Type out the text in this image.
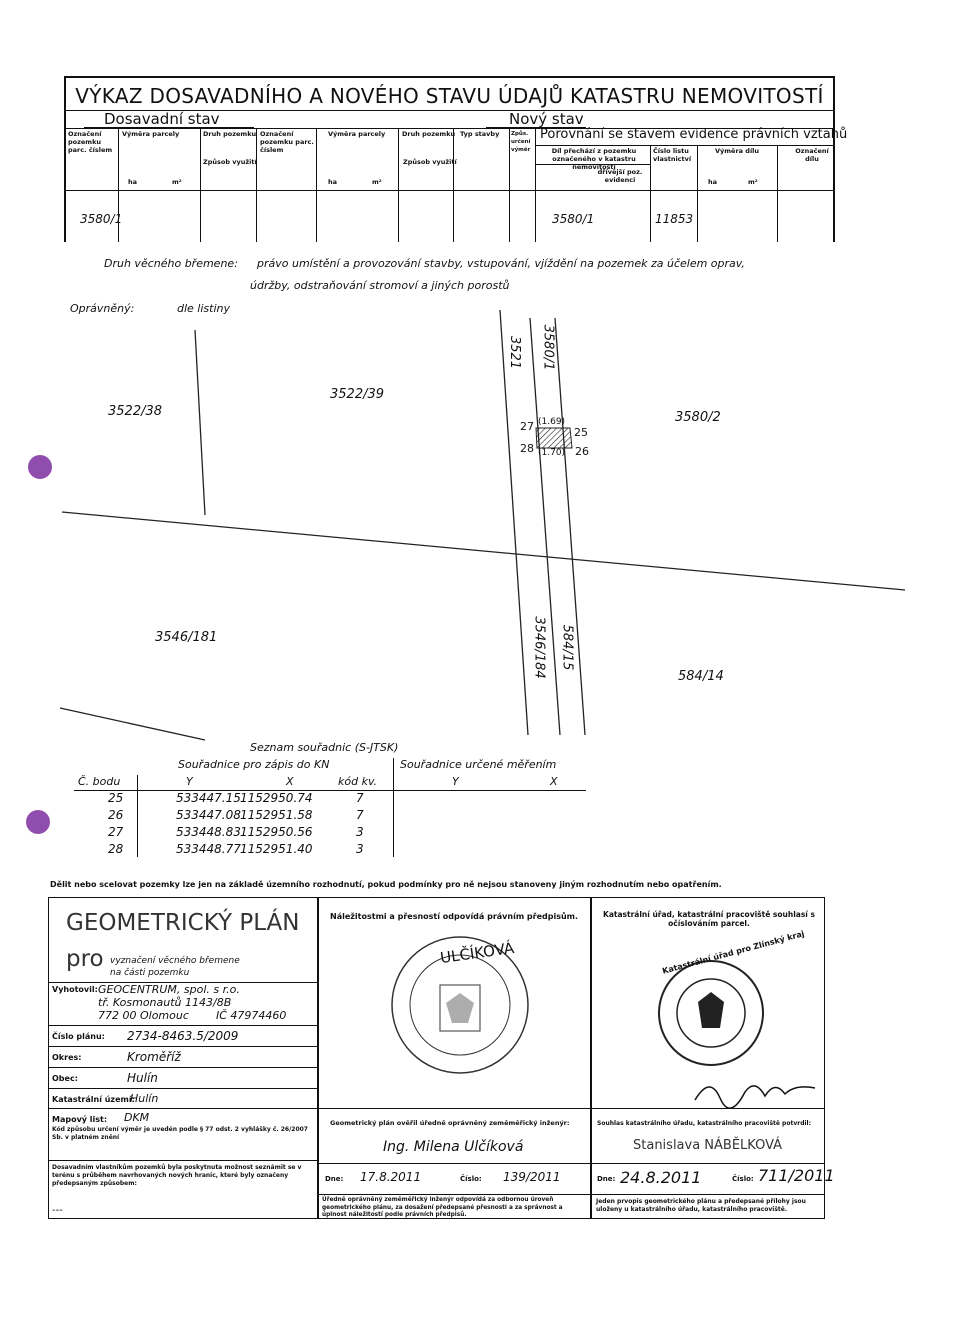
VÝKAZ DOSAVADNÍHO A NOVÉHO STAVU ÚDAJŮ KATASTRU NEMOVITOSTÍ
Dosavadní stav	Nový stav
Porovnání se stavem evidence právních vztahů
Označení pozemku parc. číslem
Výměra parcely	Druh pozemku
Způsob využití
Označení pozemku parc. číslem
Výměra parcely	Druh pozemku Typ stavby
Způsob využití
Způs. určení výměr	Díl přechází z pozemku označeného v katastru nemovitostí
dřívější poz. evidenci
Číslo listu vlastnictví
Výměra dílu	Označení dílu
ha	m²	ha	m²	ha	m²
3580/1	3580/1	11853
Druh věcného břemene: právo umístění a provozování stavby, vstupování, vjíždění na pozemek za účelem oprav,
údržby, odstraňování stromoví a jiných porostů
Oprávněný:	dle listiny
3522/38
3522/39
3521 3580/1
3580/2
3546/181	3546/184 584/15
584/14
27
28
25
26
(1.69)
(1.70)
Seznam souřadnic (S-JTSK)
Souřadnice pro zápis do KN	Souřadnice určené měřením
Č. bodu	Y	X	kód kv.	Y	X
25	533447.15 1152950.74	7
26	533447.08 1152951.58	7
27	533448.83 1152950.56	3
28	533448.77 1152951.40	3
Dělit nebo scelovat pozemky lze jen na základě územního rozhodnutí, pokud podmínky pro ně nejsou stanoveny jiným rozhodnutím nebo opatřením.
GEOMETRICKÝ PLÁN
pro vyznačení věcného břemene
na části pozemku
Vyhotovil: GEOCENTRUM, spol. s r.o.
tř. Kosmonautů 1143/8B
772 00 Olomouc IČ 47974460
Číslo plánu: 2734-8463.5/2009
Okres:	Kroměříž
Obec:	Hulín
Katastrální území:
Hulín
Mapový list: DKM
Kód způsobu určení výměr je uvedén podle § 77 odst. 2 vyhlášky č. 26/2007 Sb. v platném znění
Dosavadním vlastníkům pozemků byla poskytnuta možnost seznámit se v terénu s průběhem navrhovaných nových hranic, které byly označeny předepsaným způsobem:
---
Náležitostmi a přesností odpovídá právním předpisům.
ULČÍKOVÁ
Geometrický plán ověřil úředně oprávněný zeměměřický inženýr:
Ing. Milena Ulčíková
Dne: 17.8.2011	Číslo: 139/2011
Úředně oprávněný zeměměřický inženýr odpovídá za odbornou úroveň geometrického plánu, za dosažení předepsané přesnosti a za správnost a úplnost náležitostí podle právních předpisů.
Katastrální úřad, katastrální pracoviště souhlasí s očíslováním parcel.
Katastrální úřad pro Zlínský kraj
Souhlas katastrálního úřadu, katastrálního pracoviště potvrdil:
Stanislava NÁBĚLKOVÁ
Dne: 24.8.2011	Číslo: 711/2011
Jeden prvopis geometrického plánu a předepsané přílohy jsou uloženy u katastrálního úřadu, katastrálního pracoviště.
